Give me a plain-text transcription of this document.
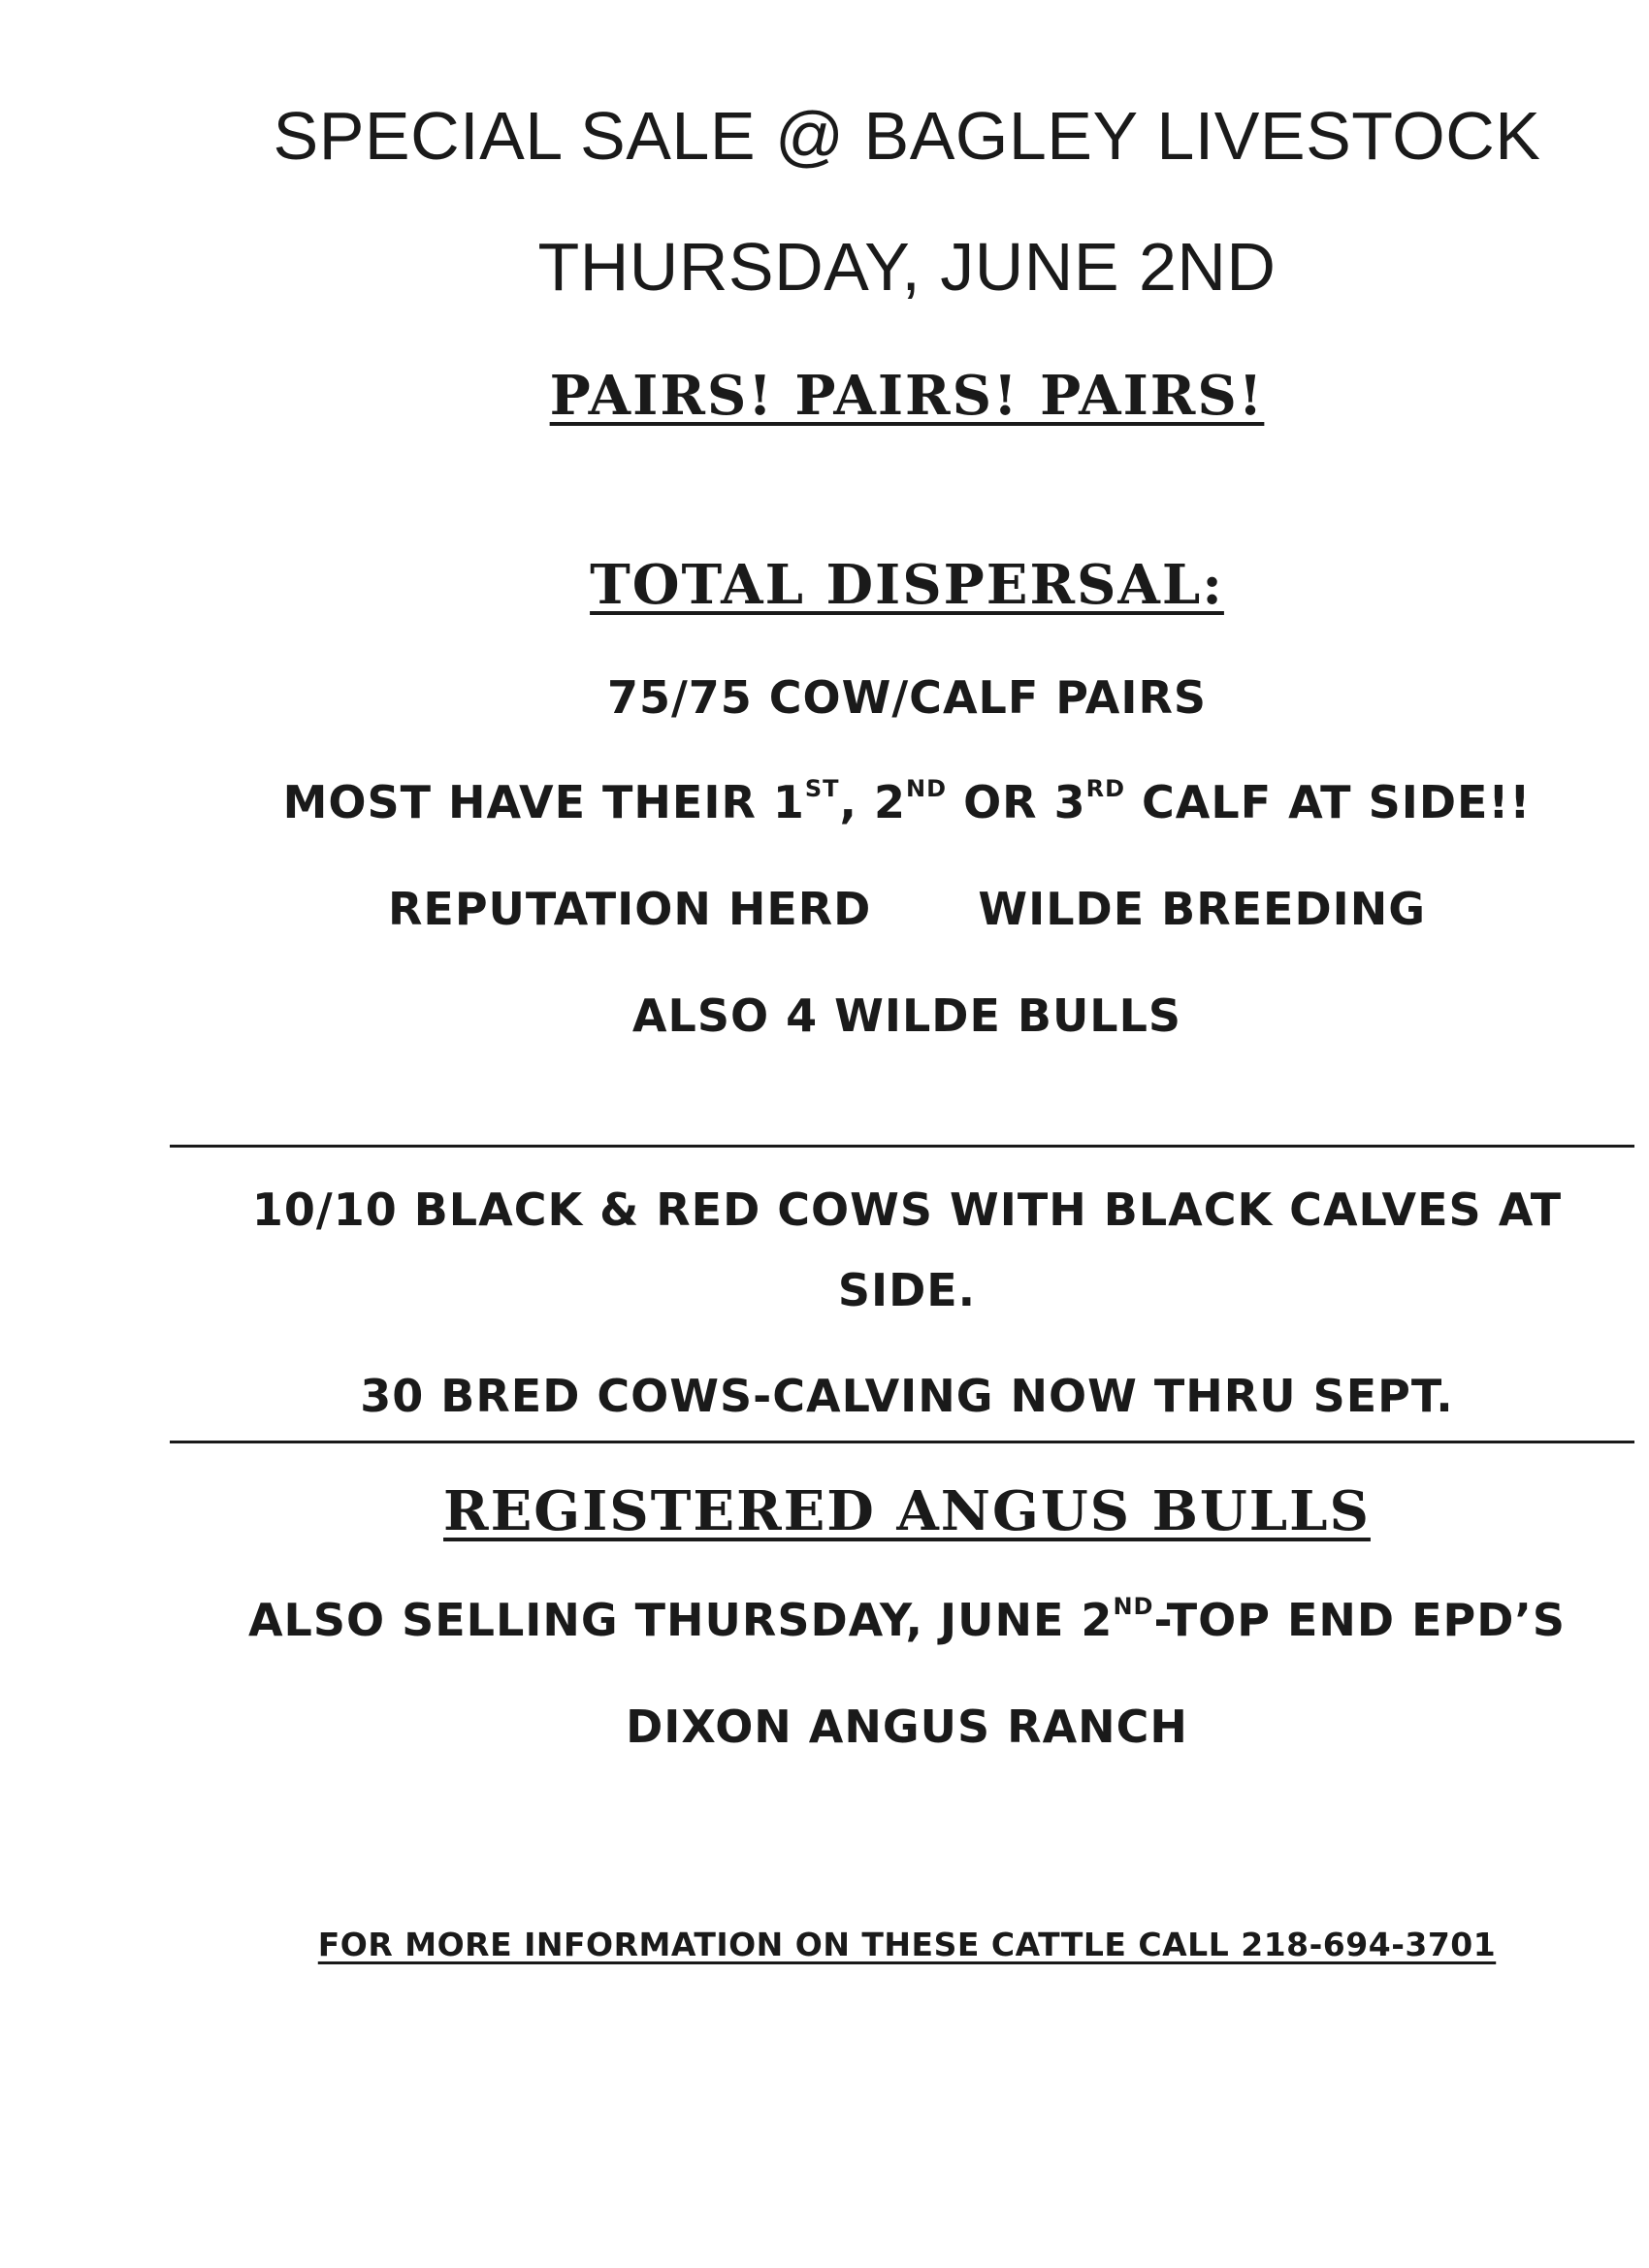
SPECIAL SALE @ BAGLEY LIVESTOCK
THURSDAY, JUNE 2ND
PAIRS! PAIRS! PAIRS!
TOTAL DISPERSAL:
75/75 COW/CALF PAIRS
MOST HAVE THEIR 1ST, 2ND OR 3RD CALF AT SIDE!!
REPUTATION HERD WILDE BREEDING
ALSO 4 WILDE BULLS
10/10 BLACK & RED COWS WITH BLACK CALVES AT
SIDE.
30 BRED COWS-CALVING NOW THRU SEPT.
REGISTERED ANGUS BULLS
ALSO SELLING THURSDAY, JUNE 2ND-TOP END EPD’S
DIXON ANGUS RANCH
FOR MORE INFORMATION ON THESE CATTLE CALL 218-694-3701
